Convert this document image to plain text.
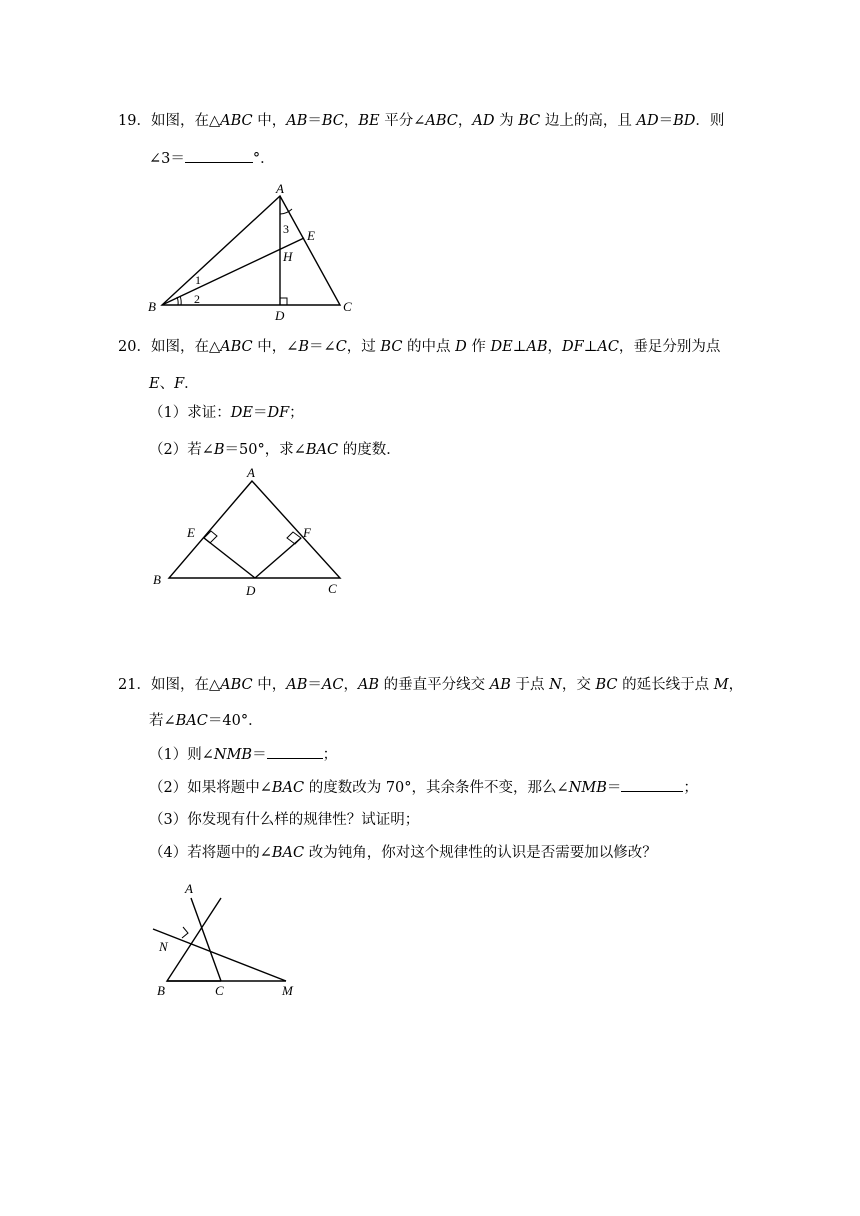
19．如图，在△ABC 中，AB＝BC，BE 平分∠ABC，AD 为 BC 边上的高，且 AD＝BD．则
∠3＝	°．
A
B	C
D
E
H
1
2
3
20．如图，在△ABC 中，∠B＝∠C，过 BC 的中点 D 作 DE⊥AB，DF⊥AC，垂足分别为点
E、F．
（1）求证：DE＝DF；
（2）若∠B＝50°，求∠BAC 的度数．
A
B
C
D
E	F
21．如图，在△ABC 中，AB＝AC，AB 的垂直平分线交 AB 于点 N，交 BC 的延长线于点 M，
若∠BAC＝40°．
（1）则∠NMB＝	；
（2）如果将题中∠BAC 的度数改为 70°，其余条件不变，那么∠NMB＝	；
（3）你发现有什么样的规律性？试证明；
（4）若将题中的∠BAC 改为钝角，你对这个规律性的认识是否需要加以修改？
A
B	C	M
N
